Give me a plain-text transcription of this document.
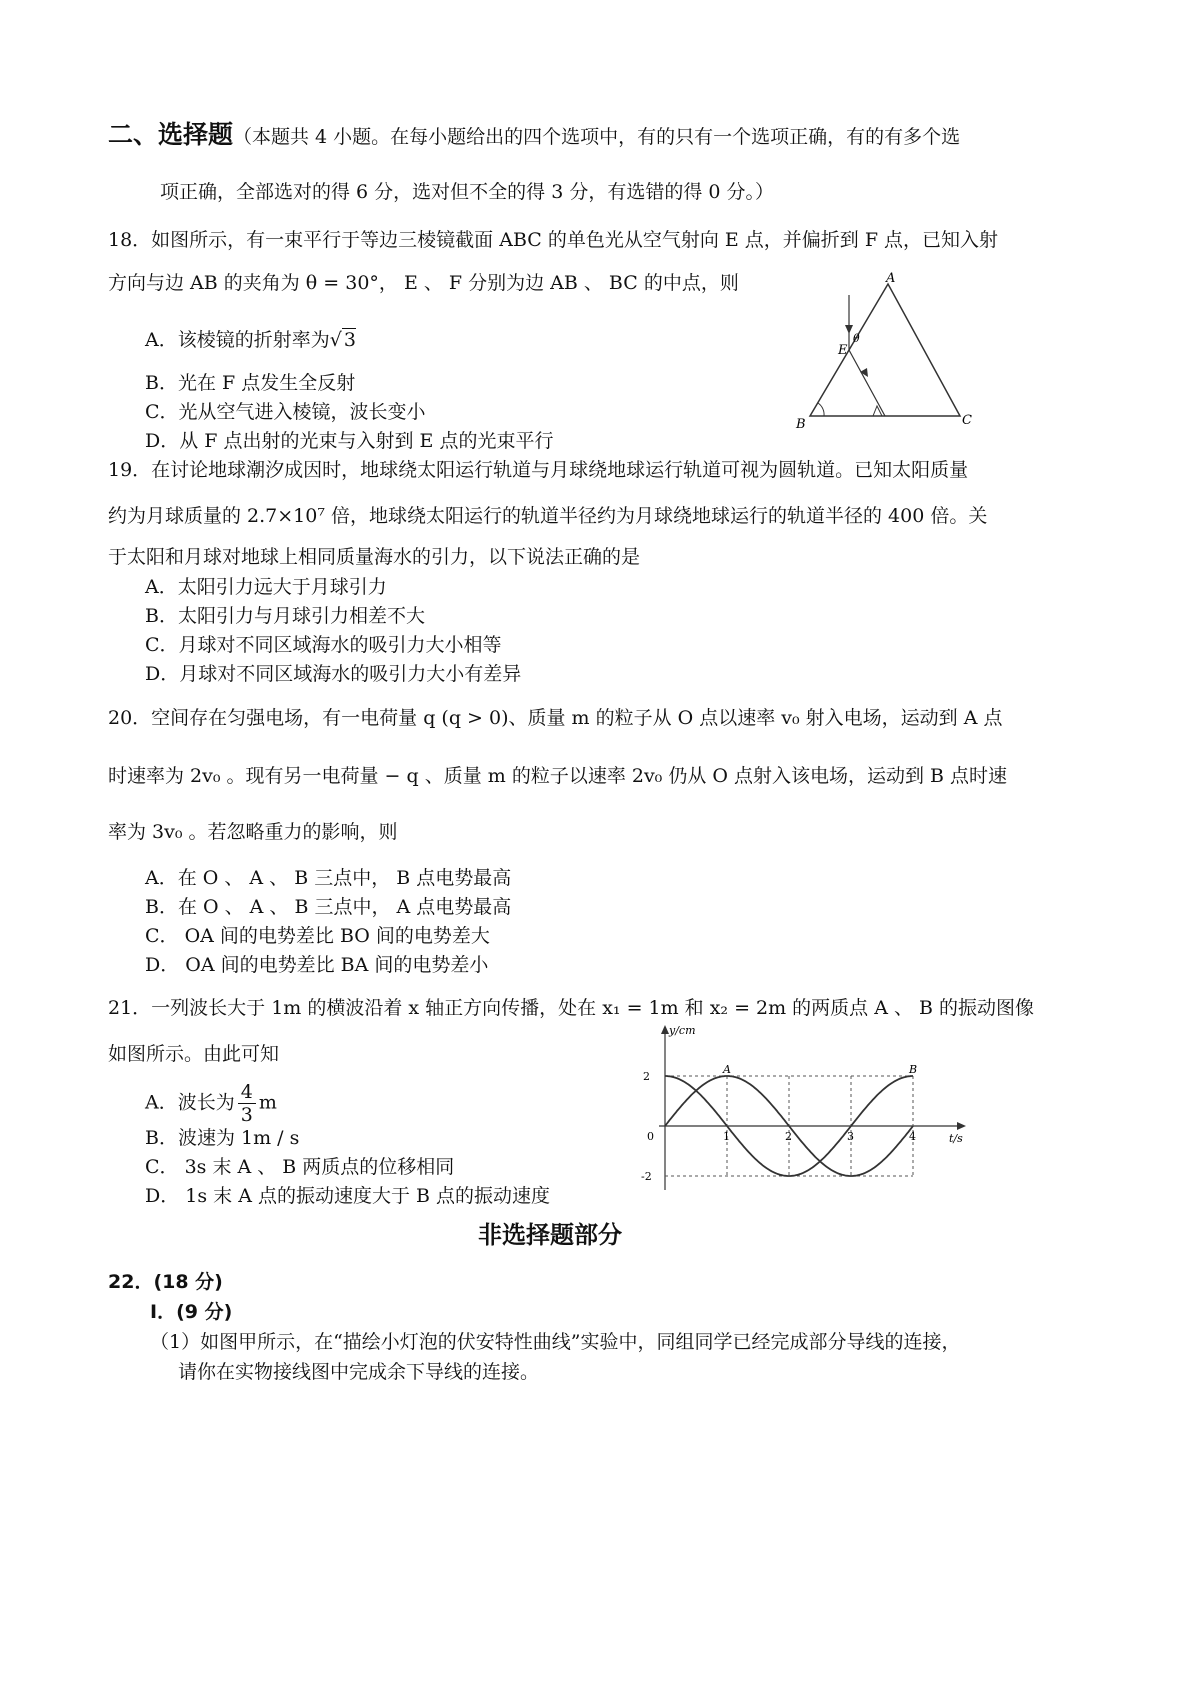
二、选择题（本题共 4 小题。在每小题给出的四个选项中，有的只有一个选项正确，有的有多个选
项正确，全部选对的得 6 分，选对但不全的得 3 分，有选错的得 0 分。）
18．如图所示，有一束平行于等边三棱镜截面 ABC 的单色光从空气射向 E 点，并偏折到 F 点，已知入射
方向与边 AB 的夹角为 θ = 30°， E 、 F 分别为边 AB 、 BC 的中点，则
A．该棱镜的折射率为√ 3
B．光在 F 点发生全反射
C．光从空气进入棱镜，波长变小
D．从 F 点出射的光束与入射到 E 点的光束平行
A
B	C
E
θ
19．在讨论地球潮汐成因时，地球绕太阳运行轨道与月球绕地球运行轨道可视为圆轨道。已知太阳质量
约为月球质量的 2.7×10⁷ 倍，地球绕太阳运行的轨道半径约为月球绕地球运行的轨道半径的 400 倍。关
于太阳和月球对地球上相同质量海水的引力，以下说法正确的是
A．太阳引力远大于月球引力
B．太阳引力与月球引力相差不大
C．月球对不同区域海水的吸引力大小相等
D．月球对不同区域海水的吸引力大小有差异
20．空间存在匀强电场，有一电荷量 q (q > 0)、质量 m 的粒子从 O 点以速率 v₀ 射入电场，运动到 A 点
时速率为 2v₀ 。现有另一电荷量 − q 、质量 m 的粒子以速率 2v₀ 仍从 O 点射入该电场，运动到 B 点时速
率为 3v₀ 。若忽略重力的影响，则
A．在 O 、 A 、 B 三点中， B 点电势最高
B．在 O 、 A 、 B 三点中， A 点电势最高
C． OA 间的电势差比 BO 间的电势差大
D． OA 间的电势差比 BA 间的电势差小
21．一列波长大于 1m 的横波沿着 x 轴正方向传播，处在 x₁ = 1m 和 x₂ = 2m 的两质点 A 、 B 的振动图像
如图所示。由此可知
A．波长为 $\frac{4}{3}$ m
B．波速为 1m / s
C． 3s 末 A 、 B 两质点的位移相同
D． 1s 末 A 点的振动速度大于 B 点的振动速度
y/cm
t/s
2
-2
0	1	2	3	4
A	B
非选择题部分
22．(18 分)
Ⅰ．(9 分)
（1）如图甲所示，在“描绘小灯泡的伏安特性曲线”实验中，同组同学已经完成部分导线的连接，
请你在实物接线图中完成余下导线的连接。
